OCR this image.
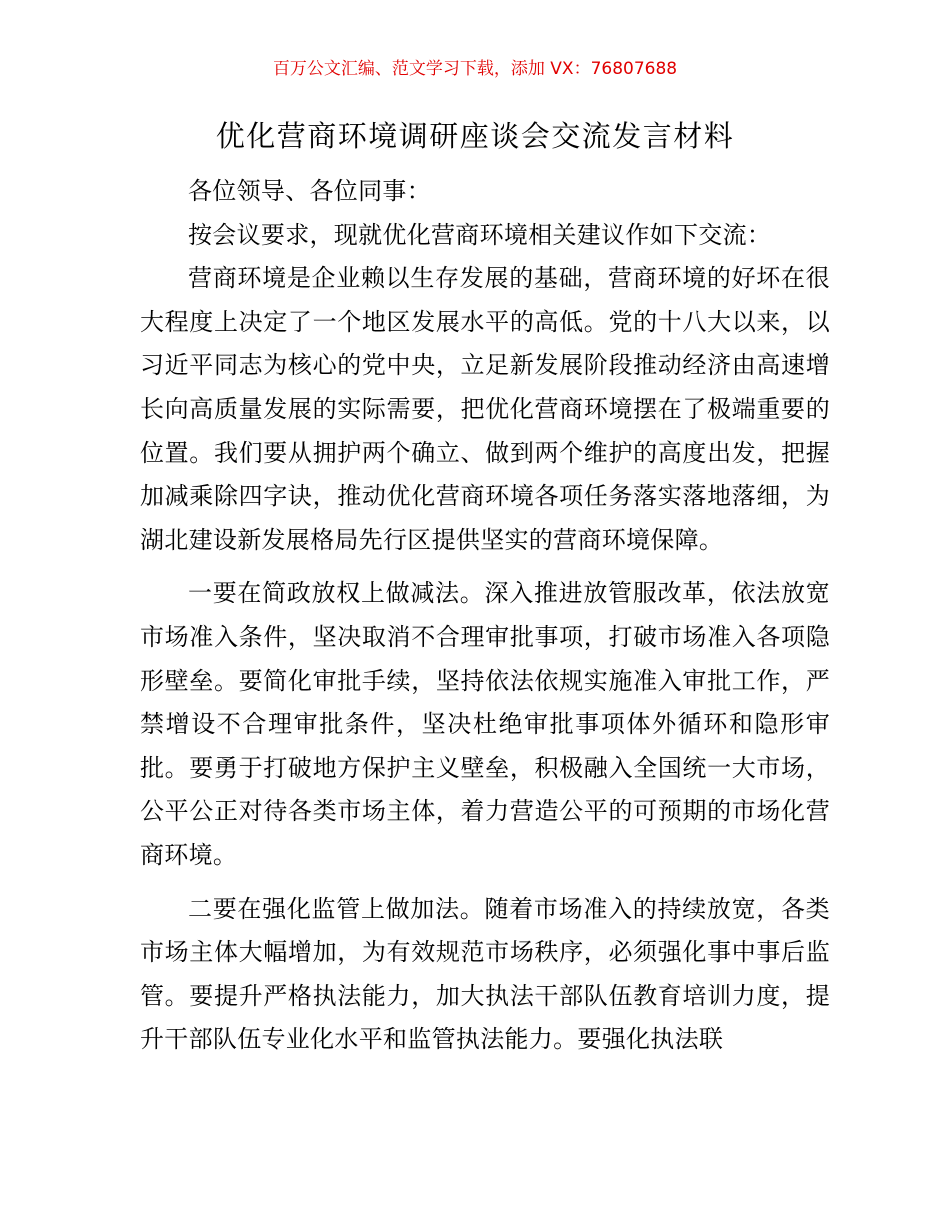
百万公文汇编、范文学习下载，添加 VX：76807688
优化营商环境调研座谈会交流发言材料

各位领导、各位同事：

按会议要求，现就优化营商环境相关建议作如下交流：

营商环境是企业赖以生存发展的基础，营商环境的好坏在很大程度上决定了一个地区发展水平的高低。党的十八大以来，以习近平同志为核心的党中央，立足新发展阶段推动经济由高速增长向高质量发展的实际需要，把优化营商环境摆在了极端重要的位置。我们要从拥护两个确立、做到两个维护的高度出发，把握加减乘除四字诀，推动优化营商环境各项任务落实落地落细，为湖北建设新发展格局先行区提供坚实的营商环境保障。

一要在简政放权上做减法。深入推进放管服改革，依法放宽市场准入条件，坚决取消不合理审批事项，打破市场准入各项隐形壁垒。要简化审批手续，坚持依法依规实施准入审批工作，严禁增设不合理审批条件，坚决杜绝审批事项体外循环和隐形审批。要勇于打破地方保护主义壁垒，积极融入全国统一大市场，公平公正对待各类市场主体，着力营造公平的可预期的市场化营商环境。

二要在强化监管上做加法。随着市场准入的持续放宽，各类市场主体大幅增加，为有效规范市场秩序，必须强化事中事后监管。要提升严格执法能力，加大执法干部队伍教育培训力度，提升干部队伍专业化水平和监管执法能力。要强化执法联
